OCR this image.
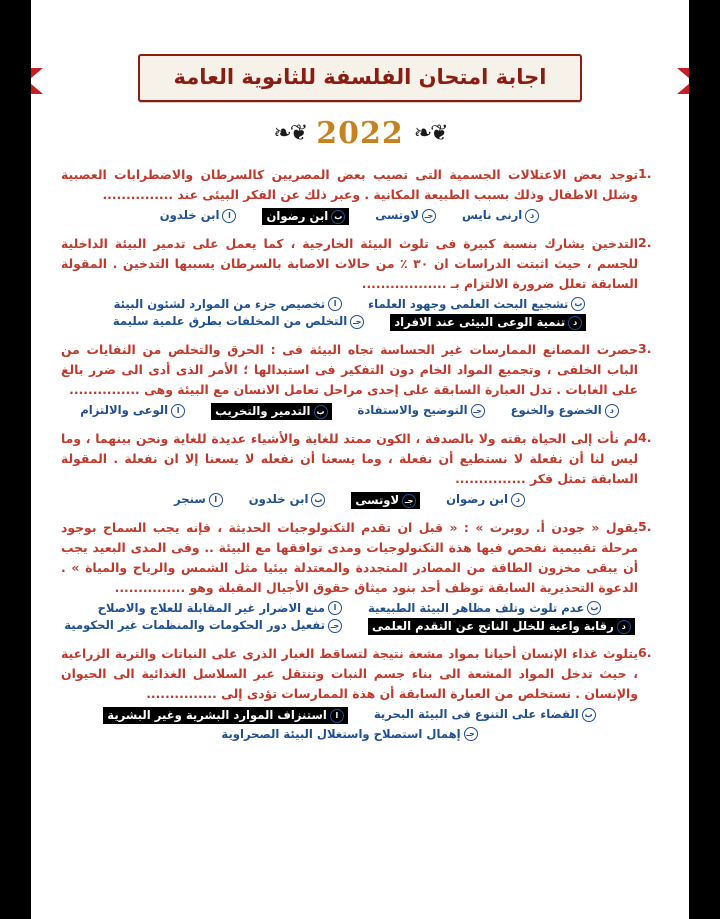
اجابة امتحان الفلسفة للثانوية العامة
❦❧
2022
❦❧
1.
توجد بعض الاعتلالات الجسمية التى تصيب بعض المصريين كالسرطان والاضطرابات العصبية وشلل الاطفال وذلك بسبب الطبيعة المكانية . وعبر ذلك عن الفكر البيئى عند ...............
دارنى نايس
جـلاوتسى
بابن رضوان
اابن خلدون
2.
التدخين يشارك بنسبة كبيرة فى تلوث البيئة الخارجية ، كما يعمل على تدمير البيئة الداخلية للجسم ، حيث اثبتت الدراسات ان ٣٠ ٪ من حالات الاصابة بالسرطان يسببها التدخين . المقولة السابقة تعلل ضرورة الالتزام بـ ..................
بتشجيع البحث العلمى وجهود العلماء
اتخصيص جزء من الموارد لشئون البيئة
دتنمية الوعى البيئى عند الافراد
جـالتخلص من المخلفات بطرق علمية سليمة
3.
حصرت المصانع الممارسات غير الحساسة تجاه البيئة فى : الحرق والتخلص من النفايات من الباب الخلفى ، وتجميع المواد الخام دون التفكير فى استبدالها ؛ الأمر الذى أدى الى ضرر بالغ على الغابات . تدل العبارة السابقة على إحدى مراحل تعامل الانسان مع البيئة وهى ...............
دالخضوع والخنوع
جـالتوضيح والاستفادة
بالتدمير والتخريب
االوعى والالتزام
4.
لم نأت إلى الحياة بقته ولا بالصدفة ، الكون ممتد للغاية والأشياء عديدة للغاية ونحن بينهما ، وما ليس لنا أن نفعلة لا نستطيع أن نفعلة ، وما يسعنا أن نفعله لا يسعنا إلا ان نفعلة . المقولة السابقة تمثل فكر ...............
دابن رضوان
جـلاوتسى
بابن خلدون
اسنجر
5.
يقول « جودن أ. روبرت » : « قبل ان تقدم التكنولوجيات الحديثة ، فإنه يجب السماح بوجود مرحلة تقييمية نفحص فيها هذة التكنولوجيات ومدى توافقها مع البيئة .. وفى المدى البعيد يجب أن يبقى مخزون الطاقة من المصادر المتجددة والمعتدلة بيئيا مثل الشمس والرياح والمياة » . الدعوة التحذيرية السابقة توظف أحد بنود ميثاق حقوق الأجيال المقبلة وهو ...............
بعدم تلوث وتلف مظاهر البيئة الطبيعية
امنع الاضرار غير المقابلة للعلاج والاصلاح
درقابة واعية للخلل الناتج عن التقدم العلمى
جـتفعيل دور الحكومات والمنظمات غير الحكومية
6.
يتلوث غذاء الإنسان أحيانا بمواد مشعة نتيجة لتساقط الغبار الذرى على النباتات والتربة الزراعية ، حيث تدخل المواد المشعة الى بناء جسم النبات وتنتقل عبر السلاسل الغذائية الى الحيوان والإنسان . نستخلص من العبارة السابقة أن هذة الممارسات تؤدى إلى ...............
بالقضاء على التنوع فى البيئة البحرية
ااستنزاف الموارد البشرية وغير البشرية
جـإهمال استصلاح واستغلال البيئة الصحراوية
